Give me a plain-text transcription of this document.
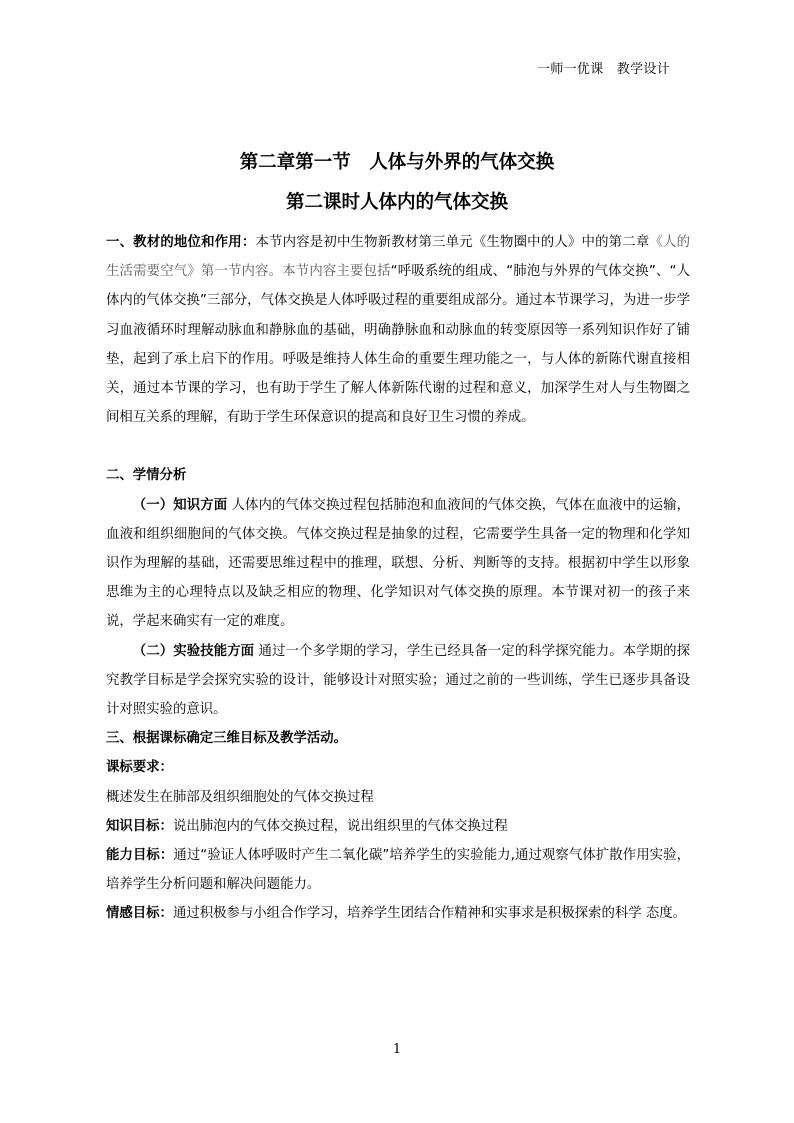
一师一优课　教学设计
第二章第一节　人体与外界的气体交换
第二课时人体内的气体交换

一、教材的地位和作用：本节内容是初中生物新教材第三单元《生物圈中的人》中的第二章《人的生活需要空气》第一节内容。本节内容主要包括“呼吸系统的组成、“肺泡与外界的气体交换”、“人体内的气体交换”三部分，气体交换是人体呼吸过程的重要组成部分。通过本节课学习，为进一步学习血液循环时理解动脉血和静脉血的基础，明确静脉血和动脉血的转变原因等一系列知识作好了铺垫，起到了承上启下的作用。呼吸是维持人体生命的重要生理功能之一，与人体的新陈代谢直接相关，通过本节课的学习，也有助于学生了解人体新陈代谢的过程和意义，加深学生对人与生物圈之间相互关系的理解，有助于学生环保意识的提高和良好卫生习惯的养成。

二、学情分析

（一）知识方面 人体内的气体交换过程包括肺泡和血液间的气体交换，气体在血液中的运输，血液和组织细胞间的气体交换。气体交换过程是抽象的过程，它需要学生具备一定的物理和化学知识作为理解的基础，还需要思维过程中的推理，联想、分析、判断等的支持。根据初中学生以形象思维为主的心理特点以及缺乏相应的物理、化学知识对气体交换的原理。本节课对初一的孩子来说，学起来确实有一定的难度。

（二）实验技能方面 通过一个多学期的学习，学生已经具备一定的科学探究能力。本学期的探究教学目标是学会探究实验的设计，能够设计对照实验；通过之前的一些训练，学生已逐步具备设计对照实验的意识。

三、根据课标确定三维目标及教学活动。

课标要求：

概述发生在肺部及组织细胞处的气体交换过程

知识目标：说出肺泡内的气体交换过程，说出组织里的气体交换过程

能力目标：通过“验证人体呼吸时产生二氧化碳”培养学生的实验能力,通过观察气体扩散作用实验，培养学生分析问题和解决问题能力。

情感目标：通过积极参与小组合作学习，培养学生团结合作精神和实事求是积极探索的科学 态度。

1
